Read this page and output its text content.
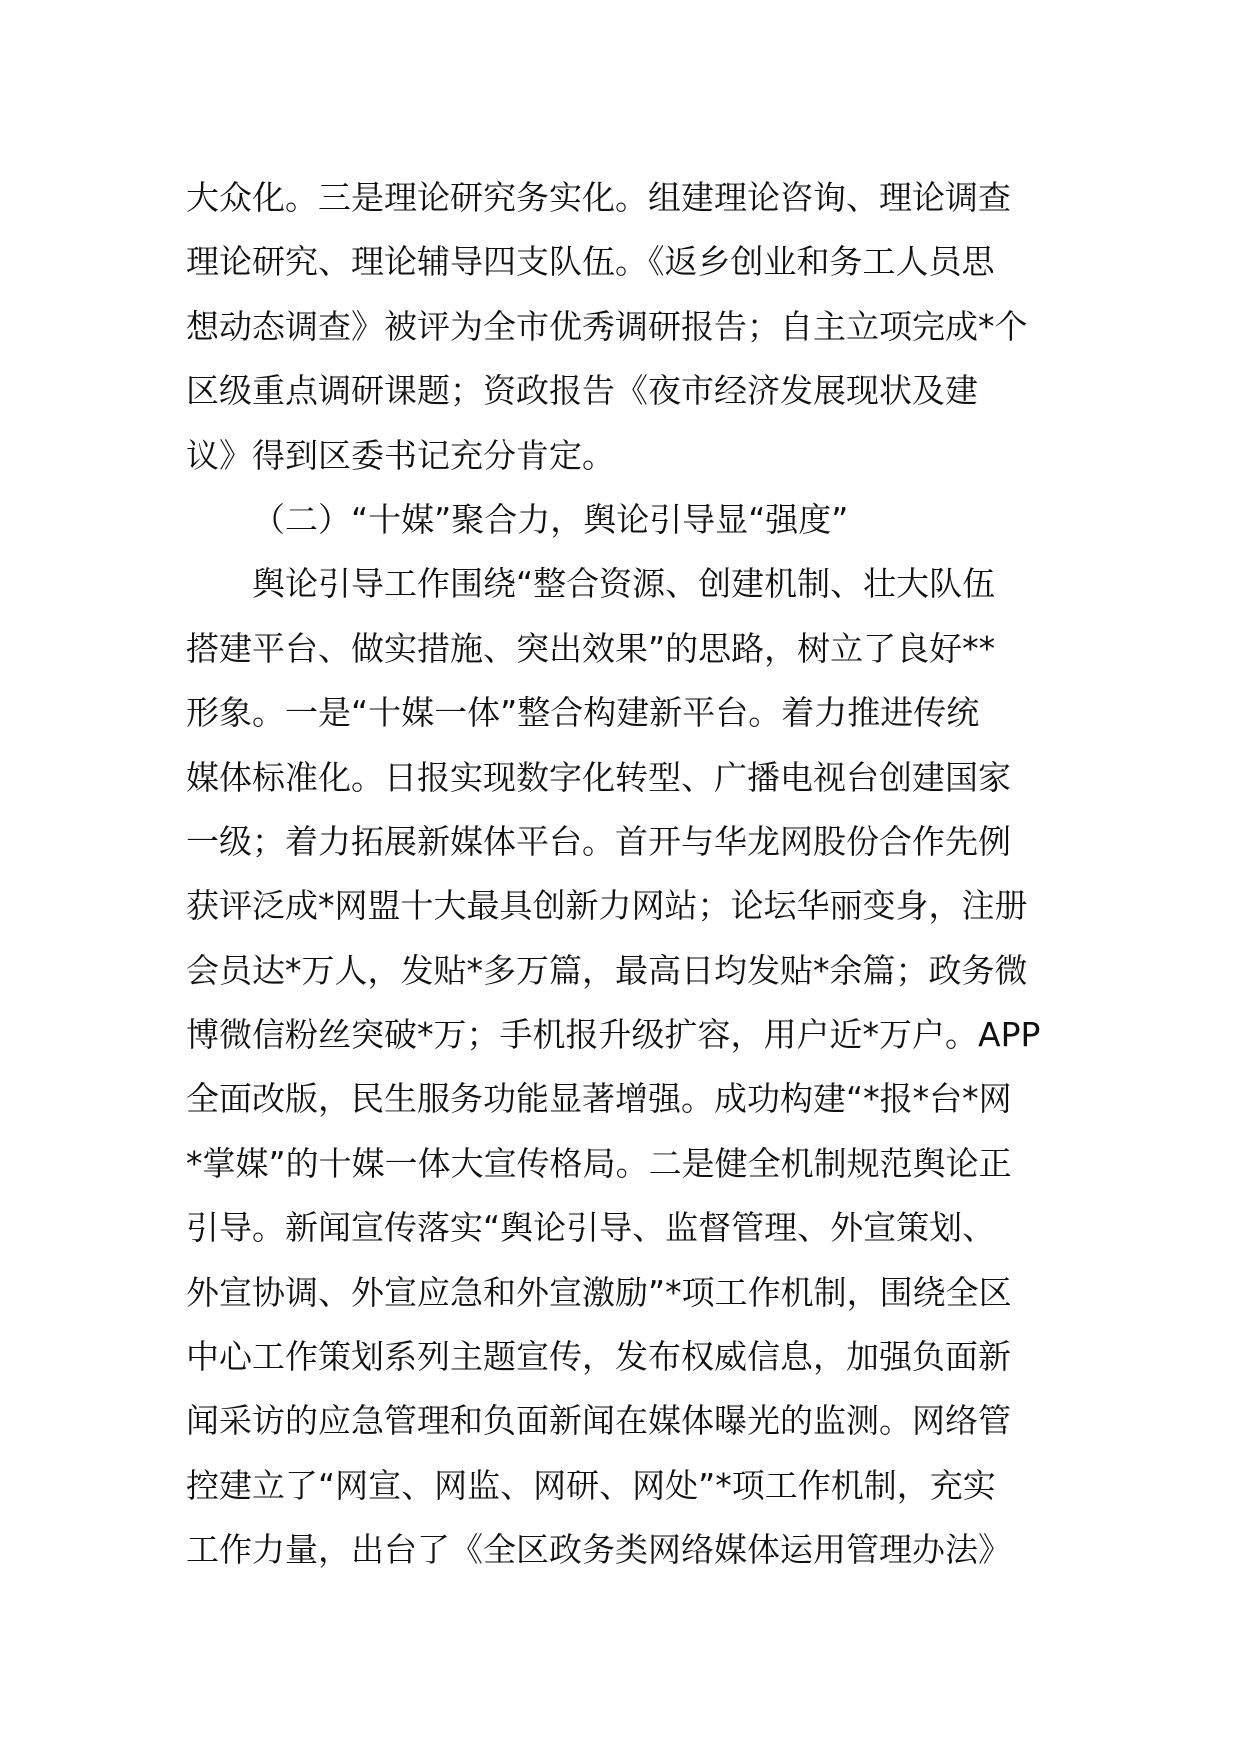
大众化。三是理论研究务实化。组建理论咨询、理论调查
理论研究、理论辅导四支队伍。《返乡创业和务工人员思
想动态调查》被评为全市优秀调研报告；自主立项完成*个
区级重点调研课题；资政报告《夜市经济发展现状及建
议》得到区委书记充分肯定。
（二）“十媒”聚合力，舆论引导显“强度”
舆论引导工作围绕“整合资源、创建机制、壮大队伍
搭建平台、做实措施、突出效果”的思路，树立了良好**
形象。一是“十媒一体”整合构建新平台。着力推进传统
媒体标准化。日报实现数字化转型、广播电视台创建国家
一级；着力拓展新媒体平台。首开与华龙网股份合作先例
获评泛成*网盟十大最具创新力网站；论坛华丽变身，注册
会员达*万人，发贴*多万篇，最高日均发贴*余篇；政务微
博微信粉丝突破*万；手机报升级扩容，用户近*万户。APP
全面改版，民生服务功能显著增强。成功构建“*报*台*网
*掌媒”的十媒一体大宣传格局。二是健全机制规范舆论正
引导。新闻宣传落实“舆论引导、监督管理、外宣策划、
外宣协调、外宣应急和外宣激励”*项工作机制，围绕全区
中心工作策划系列主题宣传，发布权威信息，加强负面新
闻采访的应急管理和负面新闻在媒体曝光的监测。网络管
控建立了“网宣、网监、网研、网处”*项工作机制，充实
工作力量，出台了《全区政务类网络媒体运用管理办法》
